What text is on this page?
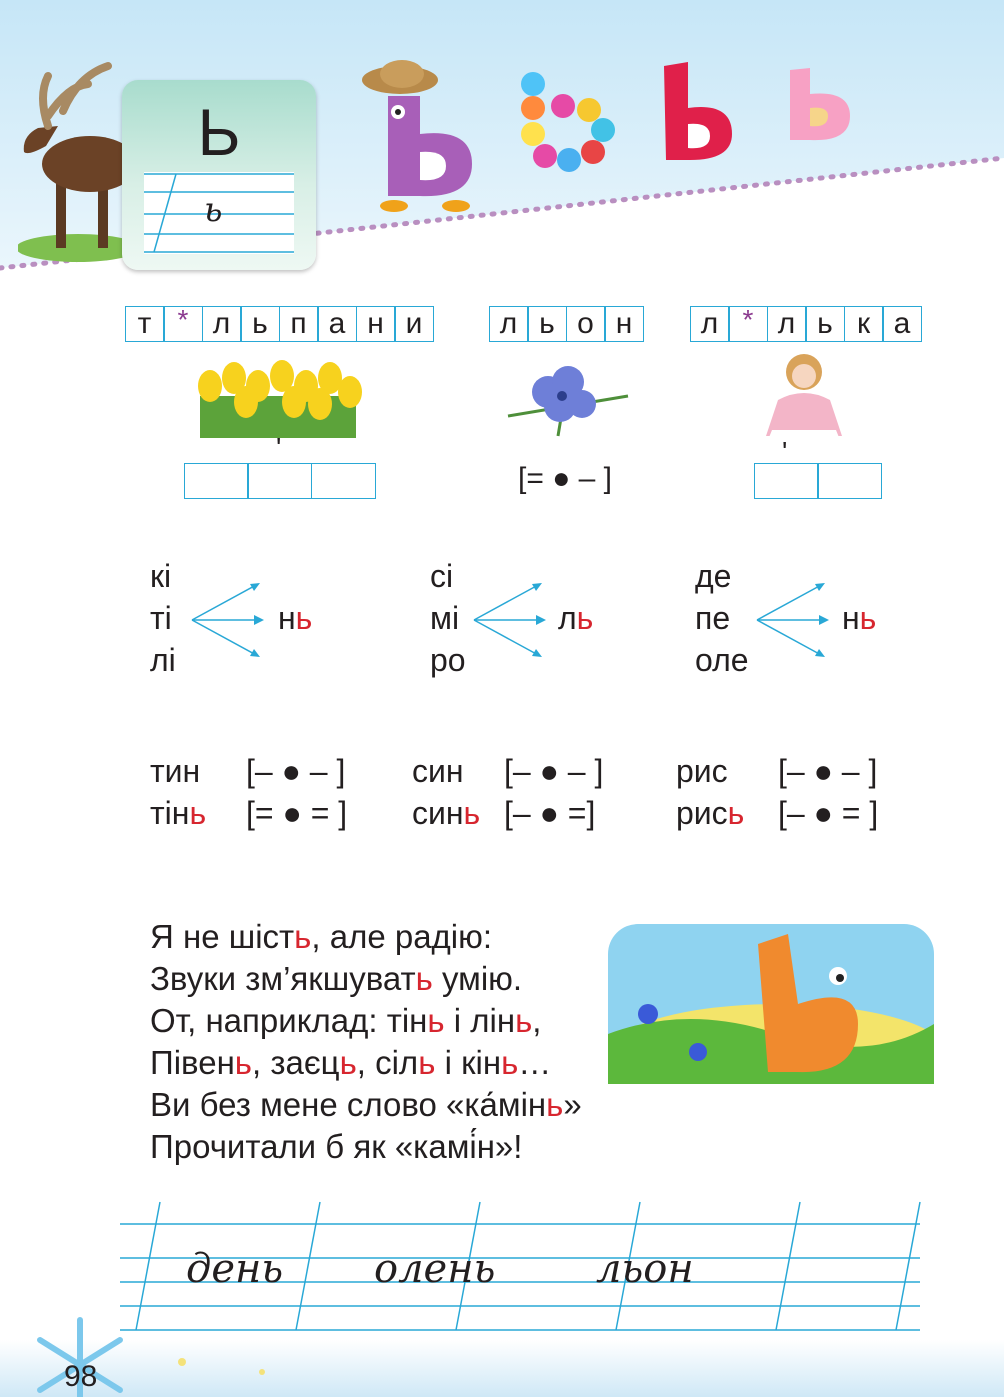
Ь
ь
т * л ь п а н и	л ь о н	л * л ь к а
ʹ
[= ● – ]
ʹ
кі
ті
лі
нь
сі
мі
ро
ль
де
пе
оле
нь
тин [– ● – ]
тінь [= ● = ]
син [– ● – ]
синь [– ● =]
рис [– ● – ]
рись [– ● = ]
Я не шість, але радію:
Звуки зм’якшувать умію.
От, наприклад: тінь і лінь,
Півень, заєць, сіль і кінь…
Ви без мене слово «ка́мінь»
Прочитали б як «камі́н»!
день олень	льон
98
